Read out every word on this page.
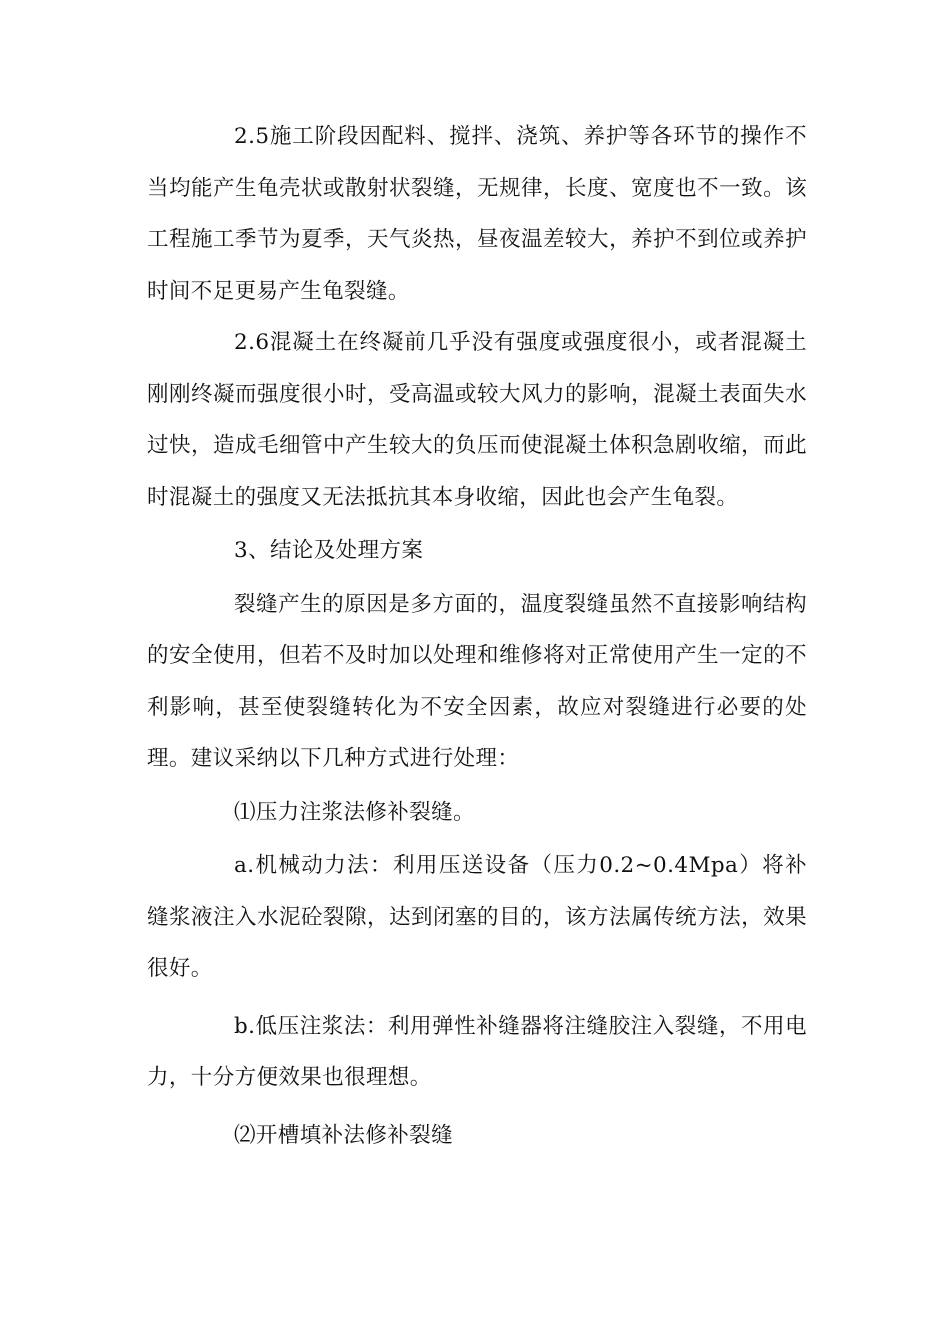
2.5施工阶段因配料、搅拌、浇筑、养护等各环节的操作不当均能产生龟壳状或散射状裂缝，无规律，长度、宽度也不一致。该工程施工季节为夏季，天气炎热，昼夜温差较大，养护不到位或养护时间不足更易产生龟裂缝。

2.6混凝土在终凝前几乎没有强度或强度很小，或者混凝土刚刚终凝而强度很小时，受高温或较大风力的影响，混凝土表面失水过快，造成毛细管中产生较大的负压而使混凝土体积急剧收缩，而此时混凝土的强度又无法抵抗其本身收缩，因此也会产生龟裂。

3、结论及处理方案

裂缝产生的原因是多方面的，温度裂缝虽然不直接影响结构的安全使用，但若不及时加以处理和维修将对正常使用产生一定的不利影响，甚至使裂缝转化为不安全因素，故应对裂缝进行必要的处理。建议采纳以下几种方式进行处理：

⑴压力注浆法修补裂缝。

a.机械动力法：利用压送设备（压力0.2~0.4Mpa）将补缝浆液注入水泥砼裂隙，达到闭塞的目的，该方法属传统方法，效果很好。

b.低压注浆法：利用弹性补缝器将注缝胶注入裂缝，不用电力，十分方便效果也很理想。

⑵开槽填补法修补裂缝
